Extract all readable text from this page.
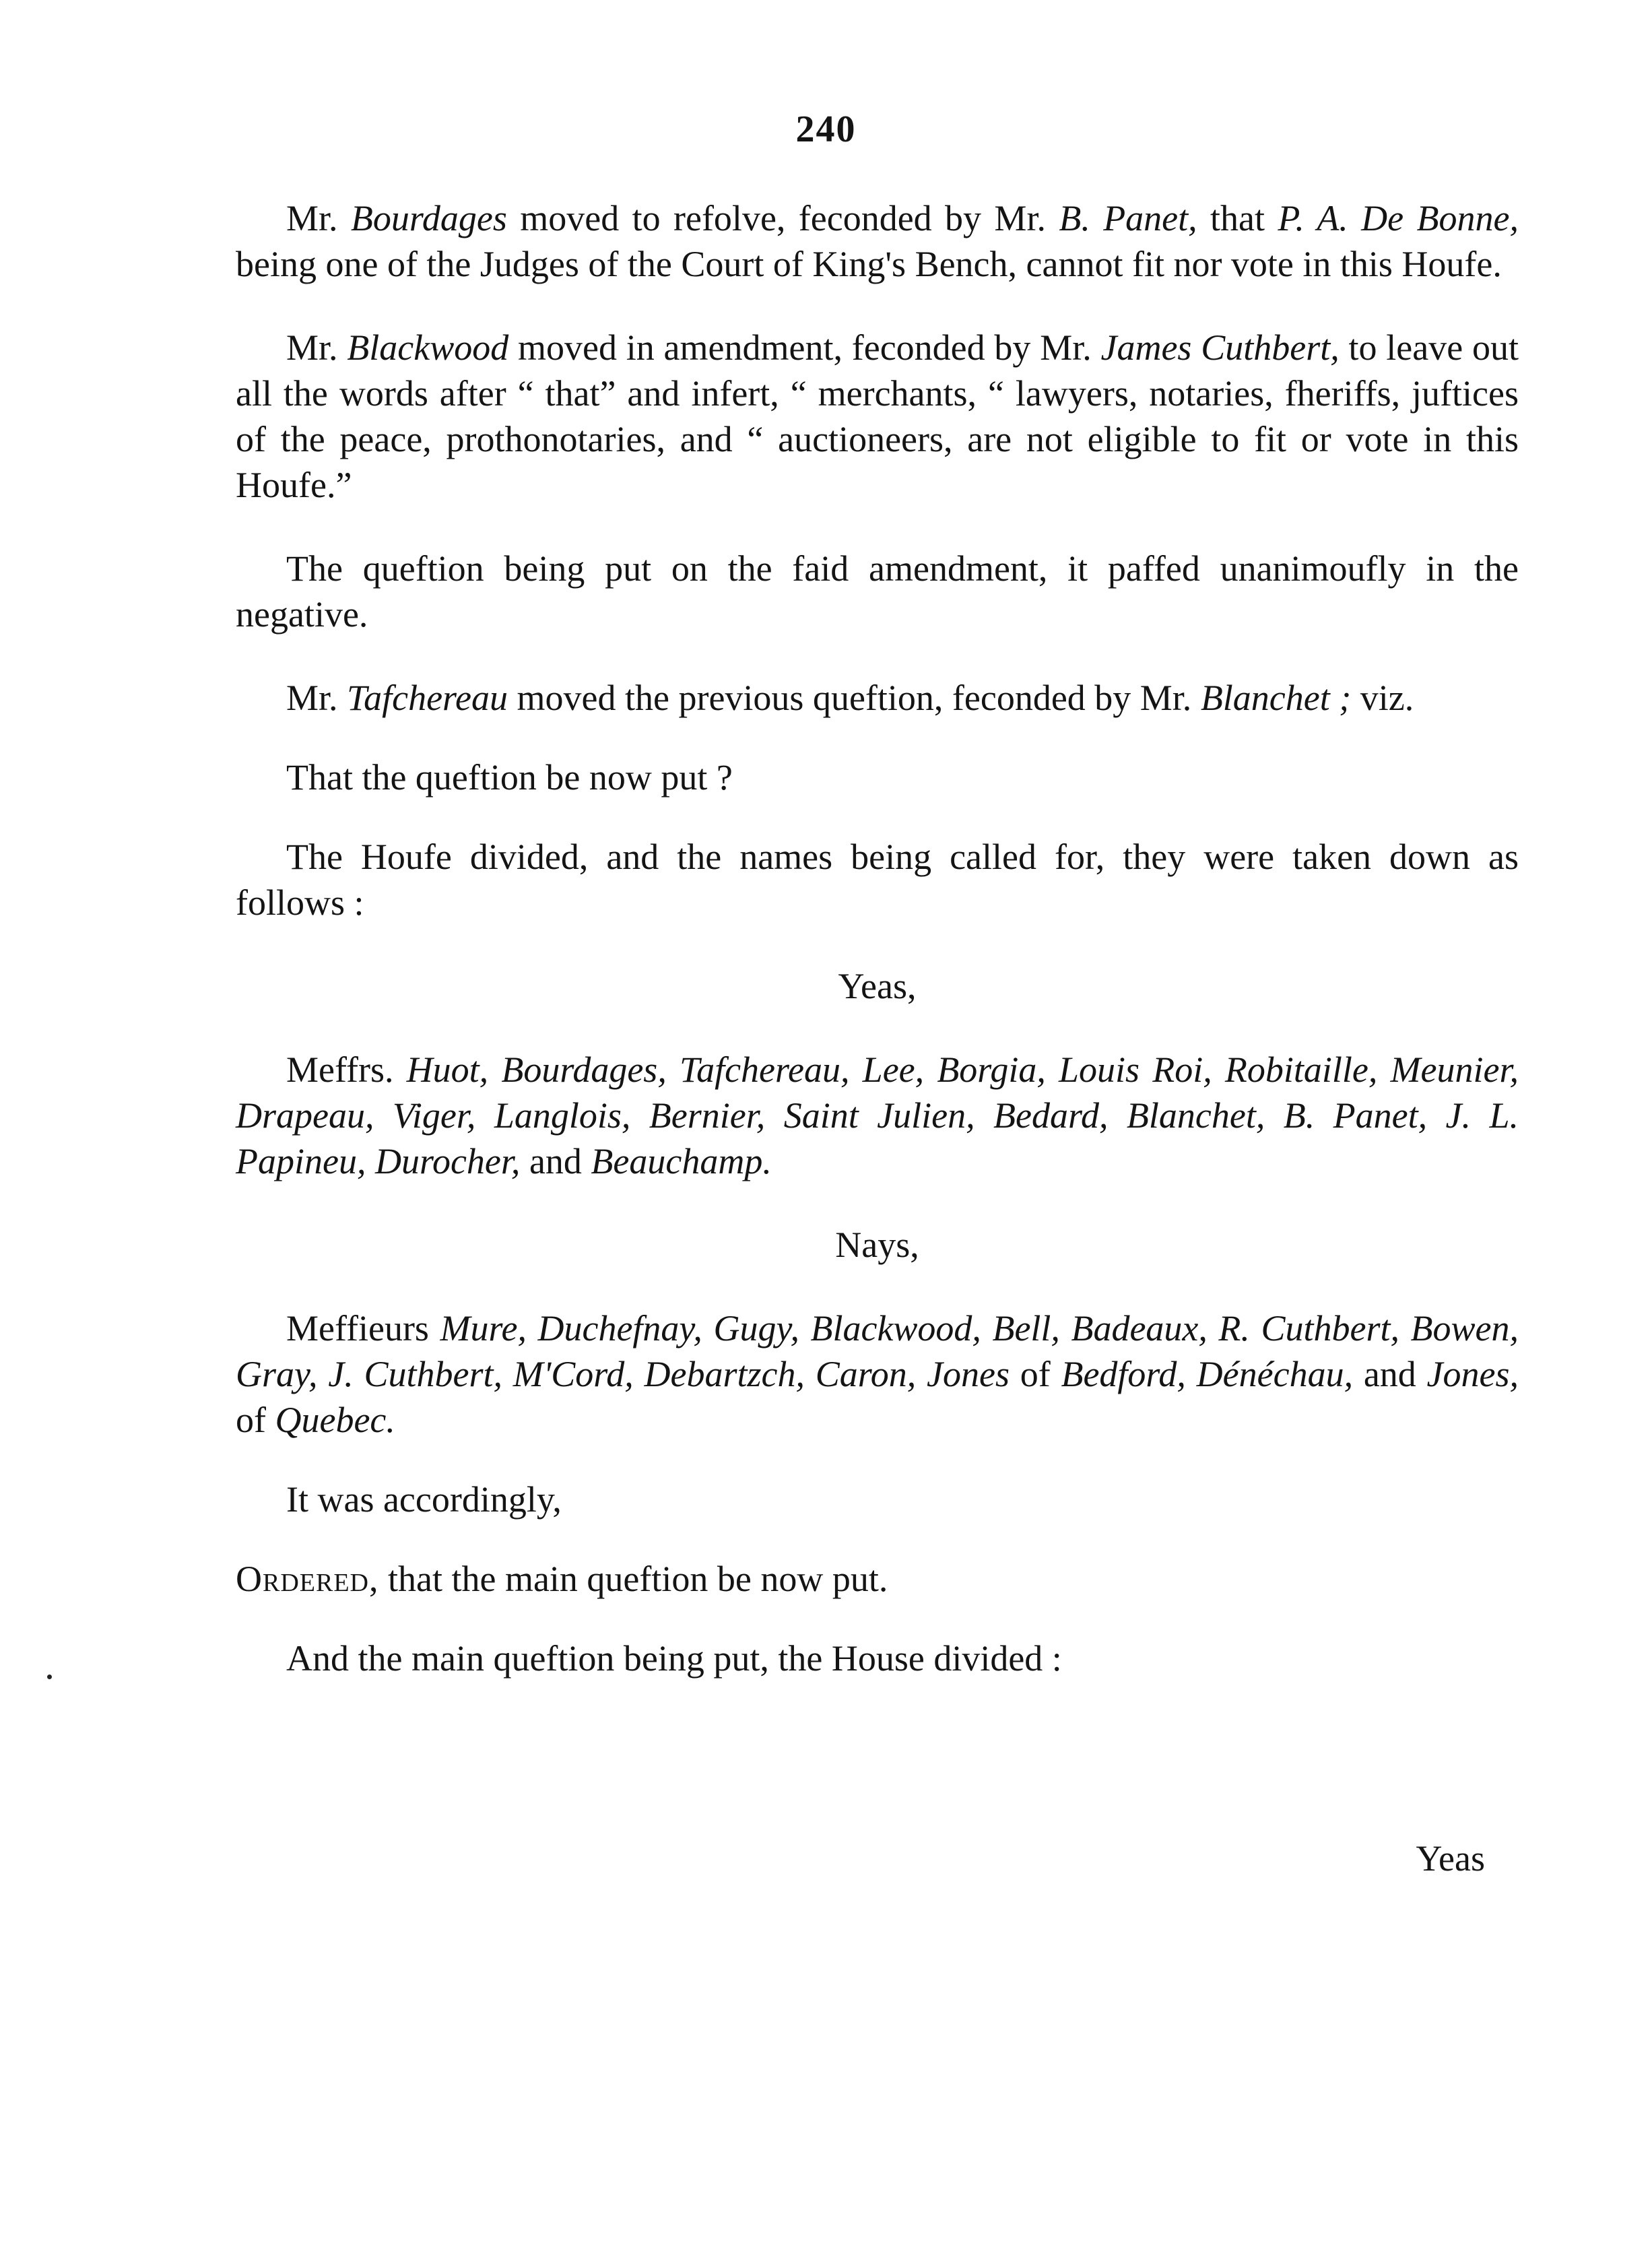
240

Mr. Bourdages moved to refolve, feconded by Mr. B. Panet, that P. A. De Bonne, being one of the Judges of the Court of King's Bench, cannot fit nor vote in this Houfe.

Mr. Blackwood moved in amendment, feconded by Mr. James Cuthbert, to leave out all the words after “ that” and infert, “ merchants, “ lawyers, notaries, fheriffs, juftices of the peace, prothonotaries, and “ auctioneers, are not eligible to fit or vote in this Houfe.”

The queftion being put on the faid amendment, it paffed unanimoufly in the negative.

Mr. Tafchereau moved the previous queftion, feconded by Mr. Blanchet ; viz.

That the queftion be now put ?

The Houfe divided, and the names being called for, they were taken down as follows :

Yeas,

Meffrs. Huot, Bourdages, Tafchereau, Lee, Borgia, Louis Roi, Robitaille, Meunier, Drapeau, Viger, Langlois, Bernier, Saint Julien, Bedard, Blanchet, B. Panet, J. L. Papineu, Durocher, and Beauchamp.

Nays,

Meffieurs Mure, Duchefnay, Gugy, Blackwood, Bell, Badeaux, R. Cuthbert, Bowen, Gray, J. Cuthbert, M'Cord, Debartzch, Caron, Jones of Bedford, Dénéchau, and Jones, of Quebec.

It was accordingly,

Ordered, that the main queftion be now put.

And the main queftion being put, the House divided :

Yeas
